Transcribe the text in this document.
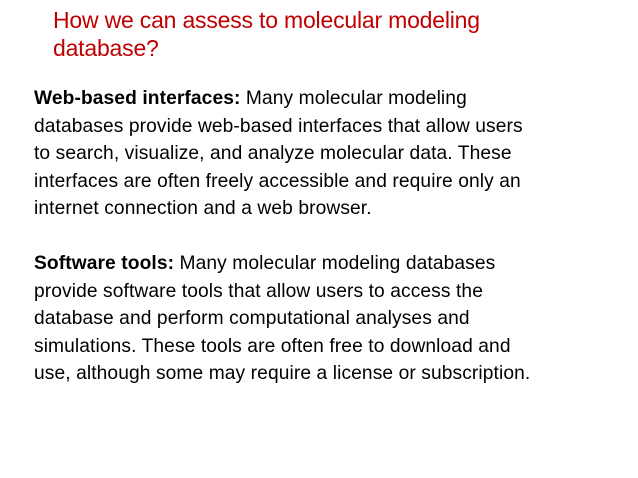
How we can assess to molecular modeling
database?

Web-based interfaces: Many molecular modeling
databases provide web-based interfaces that allow users
to search, visualize, and analyze molecular data. These
interfaces are often freely accessible and require only an
internet connection and a web browser.

Software tools: Many molecular modeling databases
provide software tools that allow users to access the
database and perform computational analyses and
simulations. These tools are often free to download and
use, although some may require a license or subscription.
